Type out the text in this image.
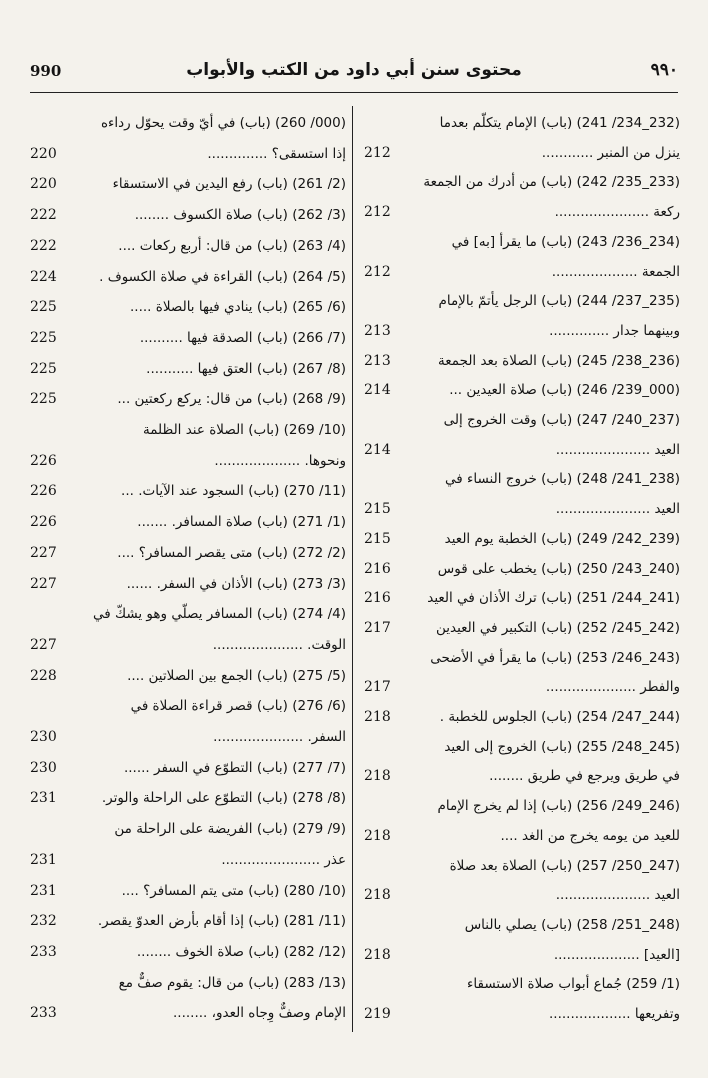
990	محتوى سنن أبي داود من الكتب والأبواب	٩٩٠
(232_234/ 241) (باب) الإمام يتكلّم بعدما
ينزل من المنبر ............
212
(233_235/ 242) (باب) من أدرك من الجمعة
ركعة ......................
212
(234_236/ 243) (باب) ما يقرأ [به] في
الجمعة ....................
212
(235_237/ 244) (باب) الرجل يأتمّ بالإمام
وبينهما جدار ..............
213
(236_238/ 245) (باب) الصلاة بعد الجمعة
213
(000_239/ 246) (باب) صلاة العيدين ...
214
(237_240/ 247) (باب) وقت الخروج إلى
العيد ......................
214
(238_241/ 248) (باب) خروج النساء في
العيد ......................
215
(239_242/ 249) (باب) الخطبة يوم العيد
215
(240_243/ 250) (باب) يخطب على قوس
216
(241_244/ 251) (باب) ترك الأذان في العيد
216
(242_245/ 252) (باب) التكبير في العيدين
217
(243_246/ 253) (باب) ما يقرأ في الأضحى
والفطر .....................
217
(244_247/ 254) (باب) الجلوس للخطبة .
218
(245_248/ 255) (باب) الخروج إلى العيد
في طريق ويرجع في طريق ........
218
(246_249/ 256) (باب) إذا لم يخرج الإمام
للعيد من يومه يخرج من الغد ....
218
(247_250/ 257) (باب) الصلاة بعد صلاة
العيد ......................
218
(248_251/ 258) (باب) يصلي بالناس
[العيد] ....................
218
(1/ 259) جُماع أبواب صلاة الاستسقاء
وتفريعها ...................
219
(000/ 260) (باب) في أيّ وقت يحوّل رداءه
إذا استسقى؟ ..............
220
(2/ 261) (باب) رفع اليدين في الاستسقاء
220
(3/ 262) (باب) صلاة الكسوف ........
222
(4/ 263) (باب) من قال: أربع ركعات ....
222
(5/ 264) (باب) القراءة في صلاة الكسوف .
224
(6/ 265) (باب) ينادي فيها بالصلاة .....
225
(7/ 266) (باب) الصدقة فيها ..........
225
(8/ 267) (باب) العتق فيها ...........
225
(9/ 268) (باب) من قال: يركع ركعتين ...
225
(10/ 269) (باب) الصلاة عند الظلمة
ونحوها. ....................
226
(11/ 270) (باب) السجود عند الآيات. ...
226
(1/ 271) (باب) صلاة المسافر. .......
226
(2/ 272) (باب) متى يقصر المسافر؟ ....
227
(3/ 273) (باب) الأذان في السفر. ......
227
(4/ 274) (باب) المسافر يصلّي وهو يشكّ في
الوقت. .....................
227
(5/ 275) (باب) الجمع بين الصلاتين ....
228
(6/ 276) (باب) قصر قراءة الصلاة في
السفر. .....................
230
(7/ 277) (باب) التطوّع في السفر ......
230
(8/ 278) (باب) التطوّع على الراحلة والوتر.
231
(9/ 279) (باب) الفريضة على الراحلة من
عذر .......................
231
(10/ 280) (باب) متى يتم المسافر؟ ....
231
(11/ 281) (باب) إذا أقام بأرض العدوّ يقصر.
232
(12/ 282) (باب) صلاة الخوف ........
233
(13/ 283) (باب) من قال: يقوم صفٌّ مع
الإمام وصفٌّ وِجاه العدو، ........
233
